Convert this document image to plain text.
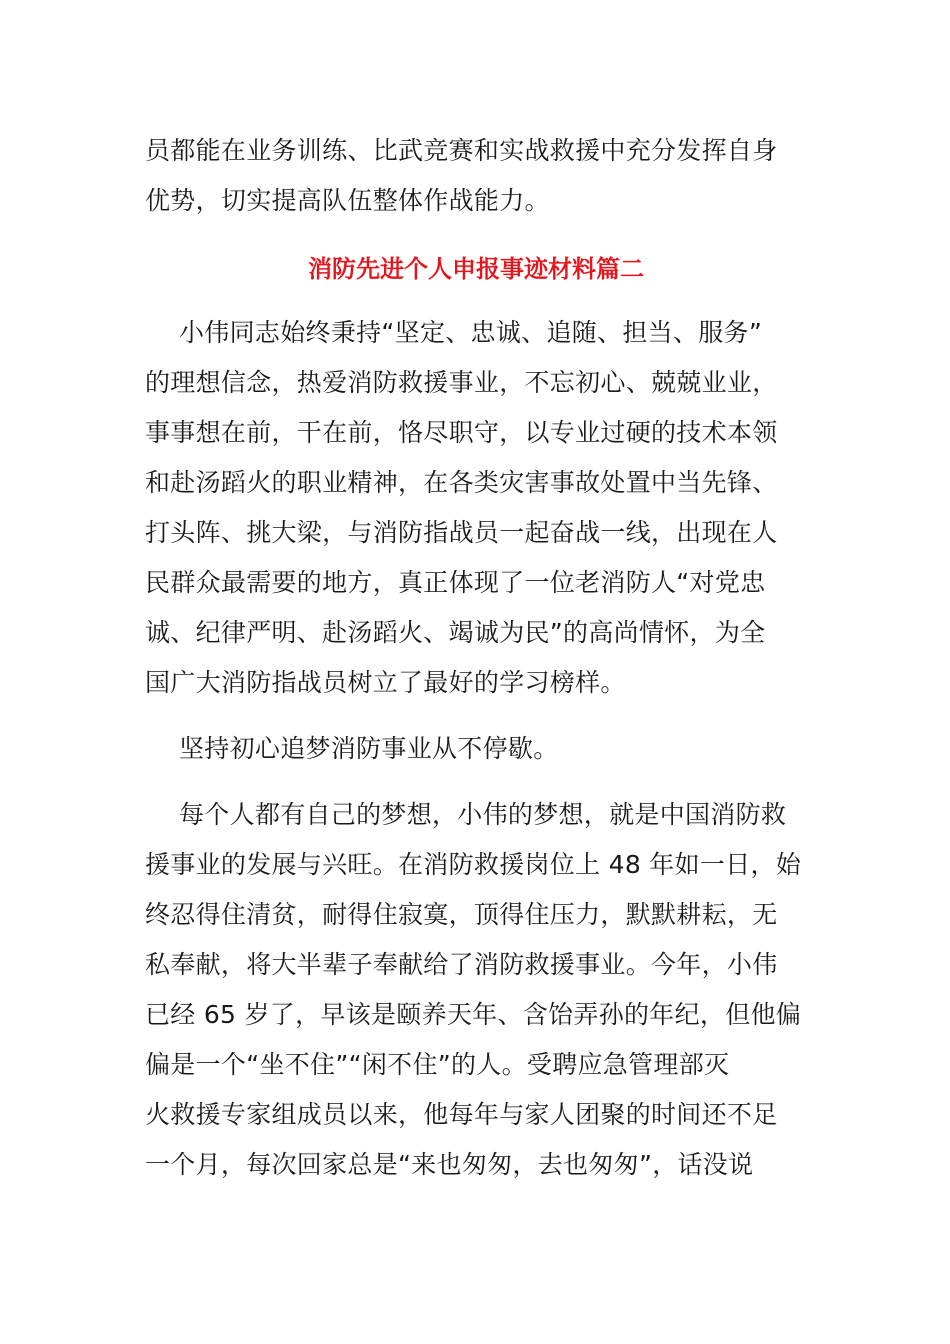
员都能在业务训练、比武竞赛和实战救援中充分发挥自身
优势，切实提高队伍整体作战能力。
消防先进个人申报事迹材料篇二
小伟同志始终秉持“坚定、忠诚、追随、担当、服务”
的理想信念，热爱消防救援事业，不忘初心、兢兢业业，
事事想在前，干在前，恪尽职守，以专业过硬的技术本领
和赴汤蹈火的职业精神，在各类灾害事故处置中当先锋、
打头阵、挑大梁，与消防指战员一起奋战一线，出现在人
民群众最需要的地方，真正体现了一位老消防人“对党忠
诚、纪律严明、赴汤蹈火、竭诚为民”的高尚情怀，为全
国广大消防指战员树立了最好的学习榜样。
坚持初心追梦消防事业从不停歇。
每个人都有自己的梦想，小伟的梦想，就是中国消防救
援事业的发展与兴旺。在消防救援岗位上 48 年如一日，始
终忍得住清贫，耐得住寂寞，顶得住压力，默默耕耘，无
私奉献，将大半辈子奉献给了消防救援事业。今年，小伟
已经 65 岁了，早该是颐养天年、含饴弄孙的年纪，但他偏
偏是一个“坐不住”“闲不住”的人。受聘应急管理部灭
火救援专家组成员以来，他每年与家人团聚的时间还不足
一个月，每次回家总是“来也匆匆，去也匆匆”，话没说
